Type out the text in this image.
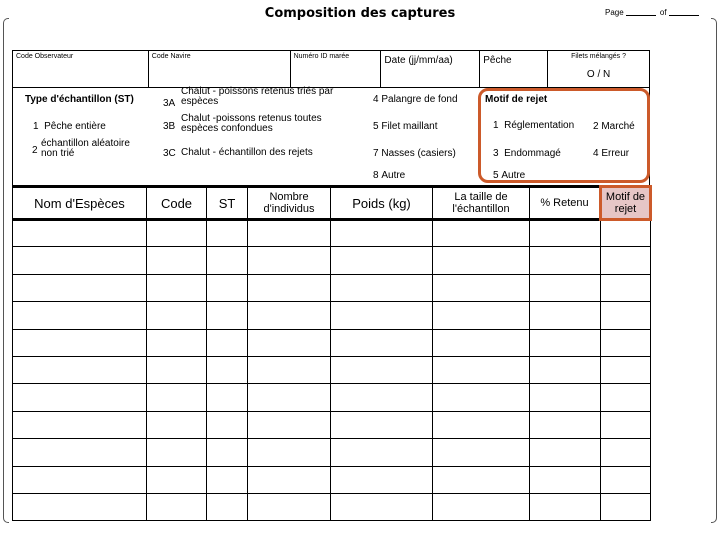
Composition des captures	Page	of
Code Observateur	Code Navire	Numéro ID marée	Date (jj/mm/aa)	Pêche	Filets mélangés ?
O / N
Type d'échantillon (ST)
1 Pêche entière
2
échantillon aléatoire non trié
3A
Chalut - poissons retenus triés par espèces
3B
Chalut -poissons retenus toutes espèces confondues
3C Chalut - échantillon des rejets
4 Palangre de fond
5 Filet maillant
7 Nasses (casiers)
8 Autre
Motif de rejet
1 Réglementation 2 Marché
3 Endommagé	4 Erreur
5 Autre
Nom d'Espèces	Code	ST	Nombre d'individus	Poids (kg)	La taille de l'échantillon	% Retenu	Motif de rejet
